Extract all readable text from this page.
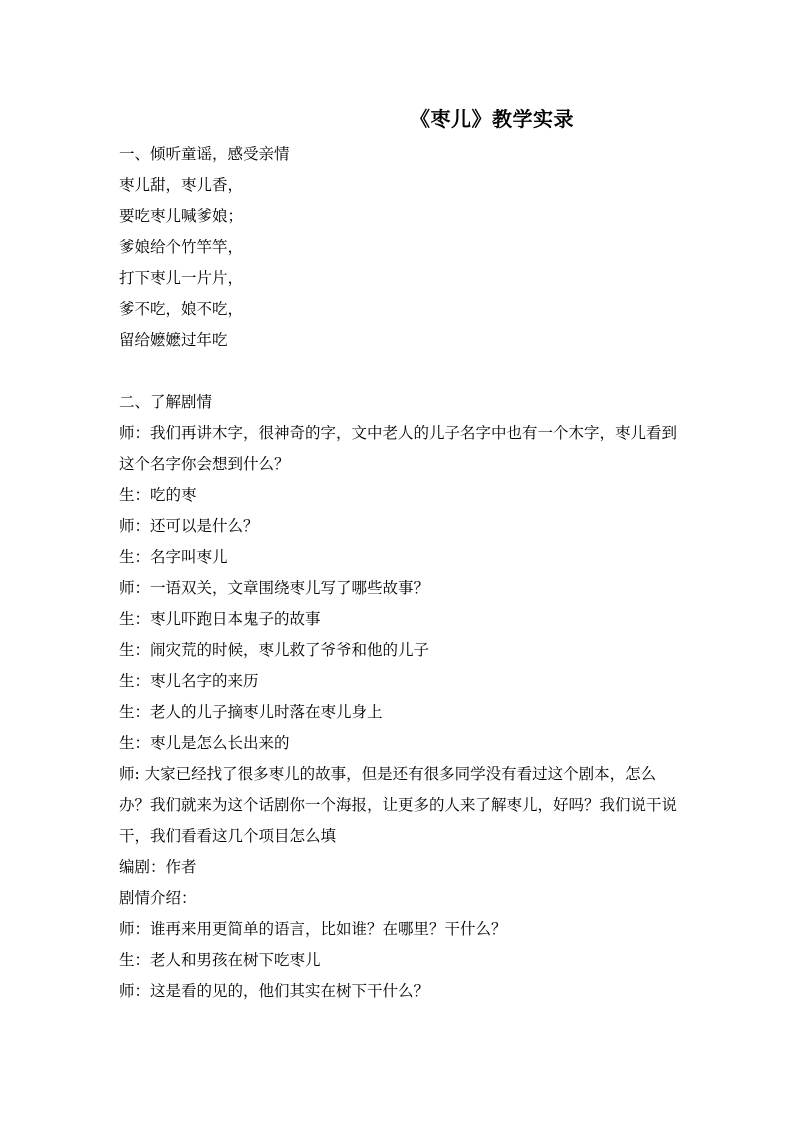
《枣儿》教学实录
一、倾听童谣，感受亲情
枣儿甜，枣儿香，
要吃枣儿喊爹娘；
爹娘给个竹竿竿，
打下枣儿一片片，
爹不吃，娘不吃，
留给嬷嬷过年吃
二、了解剧情
师：我们再讲木字，很神奇的字，文中老人的儿子名字中也有一个木字，枣儿看到这个名字你会想到什么？
生：吃的枣
师：还可以是什么？
生：名字叫枣儿
师：一语双关，文章围绕枣儿写了哪些故事？
生：枣儿吓跑日本鬼子的故事
生：闹灾荒的时候，枣儿救了爷爷和他的儿子
生：枣儿名字的来历
生：老人的儿子摘枣儿时落在枣儿身上
生：枣儿是怎么长出来的
师: 大家已经找了很多枣儿的故事，但是还有很多同学没有看过这个剧本，怎么办？我们就来为这个话剧你一个海报，让更多的人来了解枣儿，好吗？我们说干说干，我们看看这几个项目怎么填
编剧：作者
剧情介绍：
师：谁再来用更简单的语言，比如谁？在哪里？干什么？
生：老人和男孩在树下吃枣儿
师：这是看的见的，他们其实在树下干什么？
